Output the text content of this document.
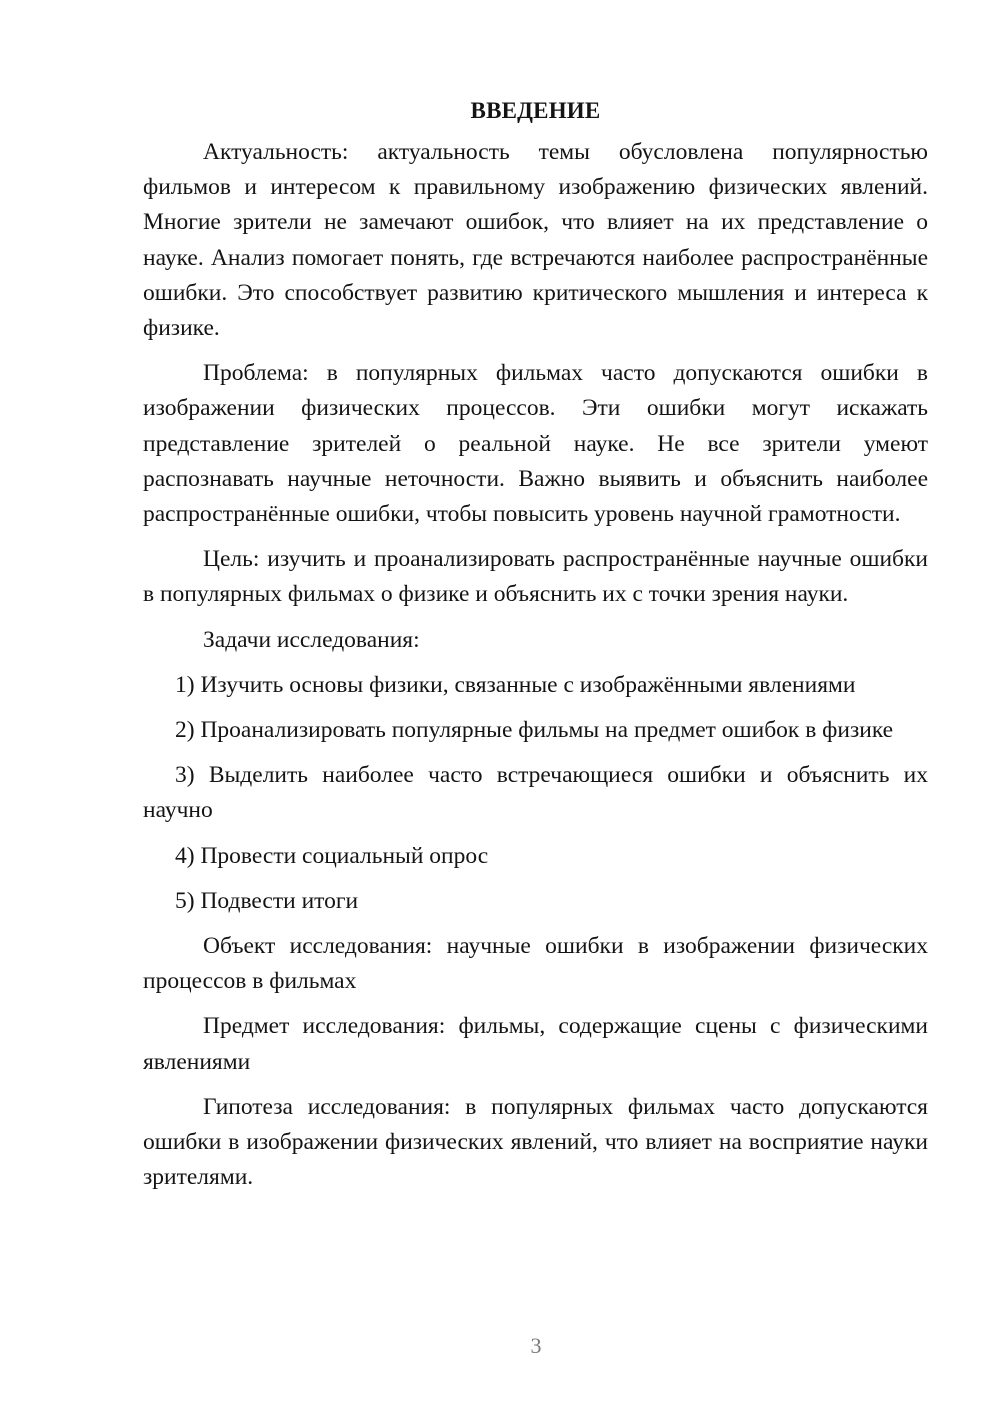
ВВЕДЕНИЕ

Актуальность: актуальность темы обусловлена популярностью фильмов и интересом к правильному изображению физических явлений. Многие зрители не замечают ошибок, что влияет на их представление о науке. Анализ помогает понять, где встречаются наиболее распространённые ошибки. Это способствует развитию критического мышления и интереса к физике.

Проблема: в популярных фильмах часто допускаются ошибки в изображении физических процессов. Эти ошибки могут искажать представление зрителей о реальной науке. Не все зрители умеют распознавать научные неточности. Важно выявить и объяснить наиболее распространённые ошибки, чтобы повысить уровень научной грамотности.

Цель: изучить и проанализировать распространённые научные ошибки в популярных фильмах о физике и объяснить их с точки зрения науки.

Задачи исследования:

1) Изучить основы физики, связанные с изображёнными явлениями

2) Проанализировать популярные фильмы на предмет ошибок в физике

3) Выделить наиболее часто встречающиеся ошибки и объяснить их научно

4) Провести социальный опрос

5) Подвести итоги

Объект исследования: научные ошибки в изображении физических процессов в фильмах

Предмет исследования: фильмы, содержащие сцены с физическими явлениями

Гипотеза исследования: в популярных фильмах часто допускаются ошибки в изображении физических явлений, что влияет на восприятие науки зрителями.

3
